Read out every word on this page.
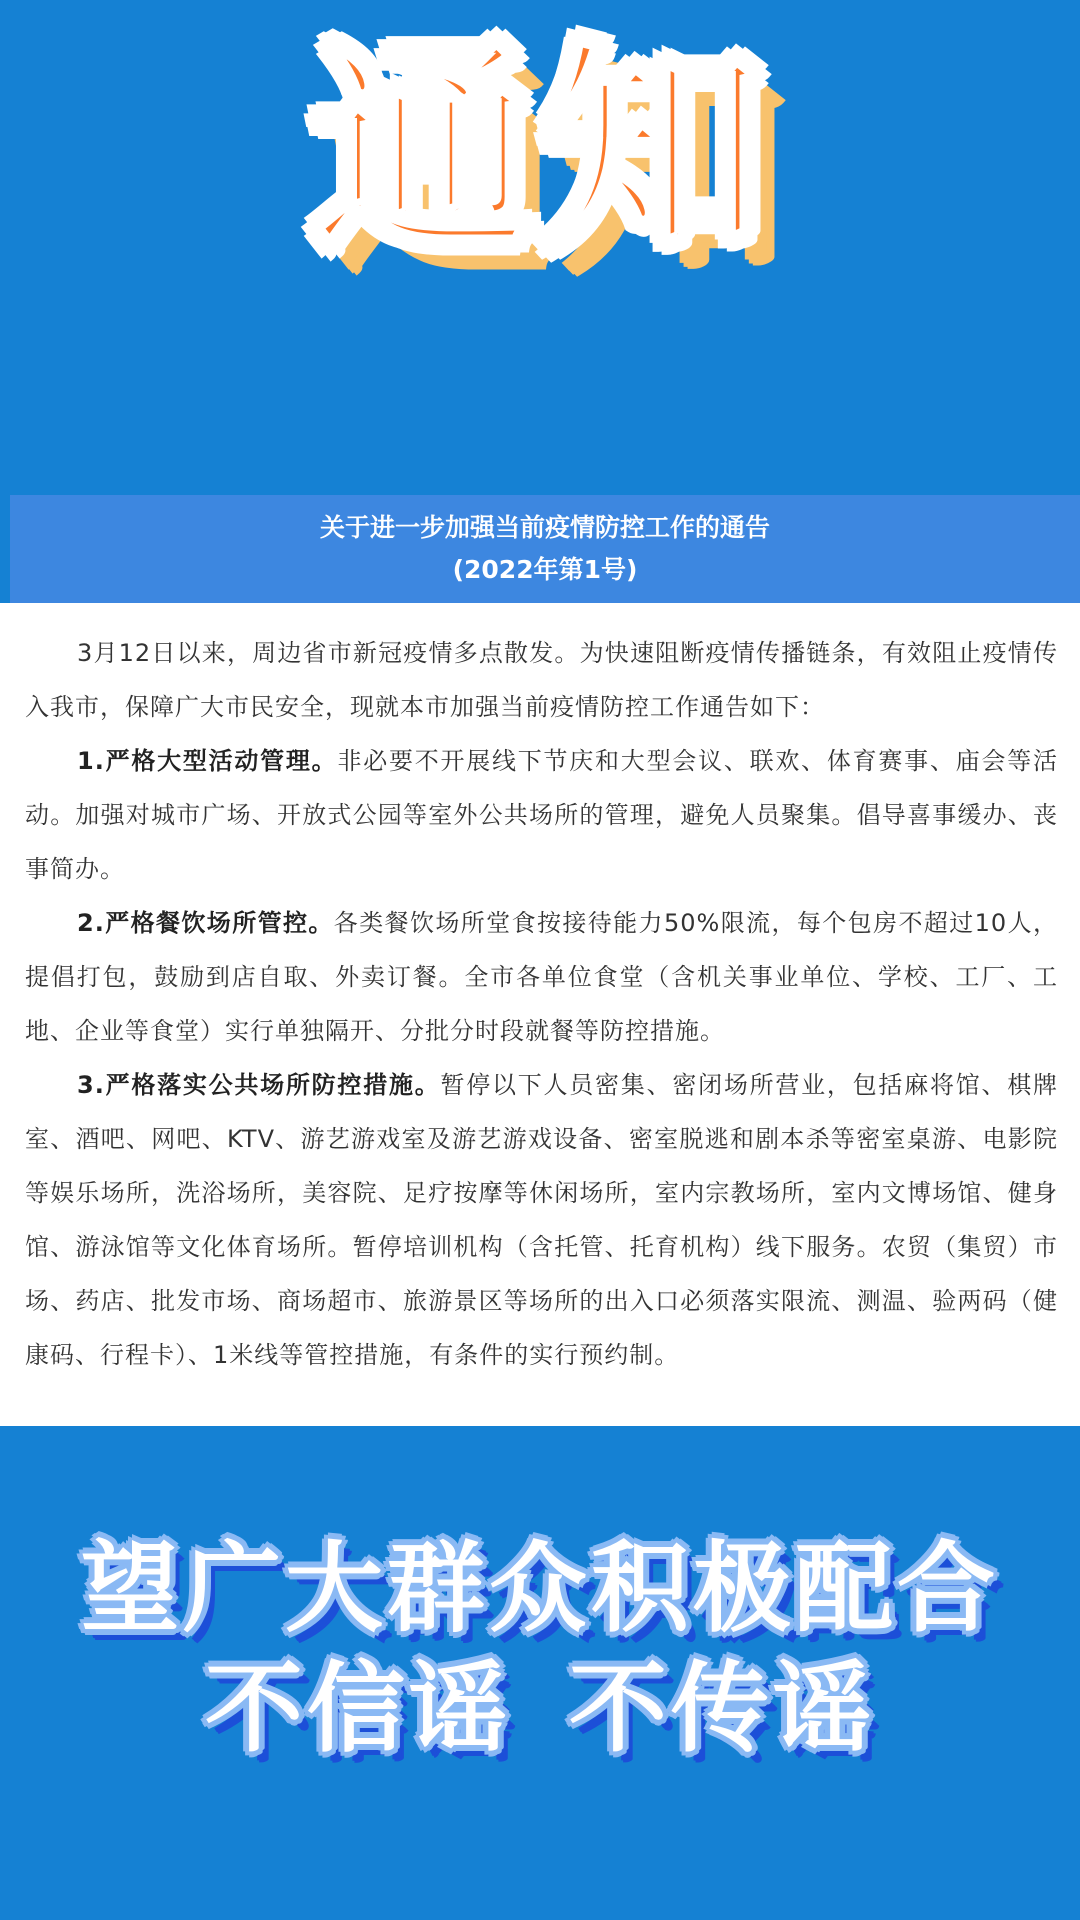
通知
关于进一步加强当前疫情防控工作的通告
(2022年第1号)

3月12日以来，周边省市新冠疫情多点散发。为快速阻断疫情传播链条，有效阻止疫情传入我市，保障广大市民安全，现就本市加强当前疫情防控工作通告如下：

1.严格大型活动管理。非必要不开展线下节庆和大型会议、联欢、体育赛事、庙会等活动。加强对城市广场、开放式公园等室外公共场所的管理，避免人员聚集。倡导喜事缓办、丧事简办。

2.严格餐饮场所管控。各类餐饮场所堂食按接待能力50%限流，每个包房不超过10人，提倡打包，鼓励到店自取、外卖订餐。全市各单位食堂（含机关事业单位、学校、工厂、工地、企业等食堂）实行单独隔开、分批分时段就餐等防控措施。

3.严格落实公共场所防控措施。暂停以下人员密集、密闭场所营业，包括麻将馆、棋牌室、酒吧、网吧、KTV、游艺游戏室及游艺游戏设备、密室脱逃和剧本杀等密室桌游、电影院等娱乐场所，洗浴场所，美容院、足疗按摩等休闲场所，室内宗教场所，室内文博场馆、健身馆、游泳馆等文化体育场所。暂停培训机构（含托管、托育机构）线下服务。农贸（集贸）市场、药店、批发市场、商场超市、旅游景区等场所的出入口必须落实限流、测温、验两码（健康码、行程卡）、1米线等管控措施，有条件的实行预约制。

望广大群众积极配合
不信谣 不传谣
